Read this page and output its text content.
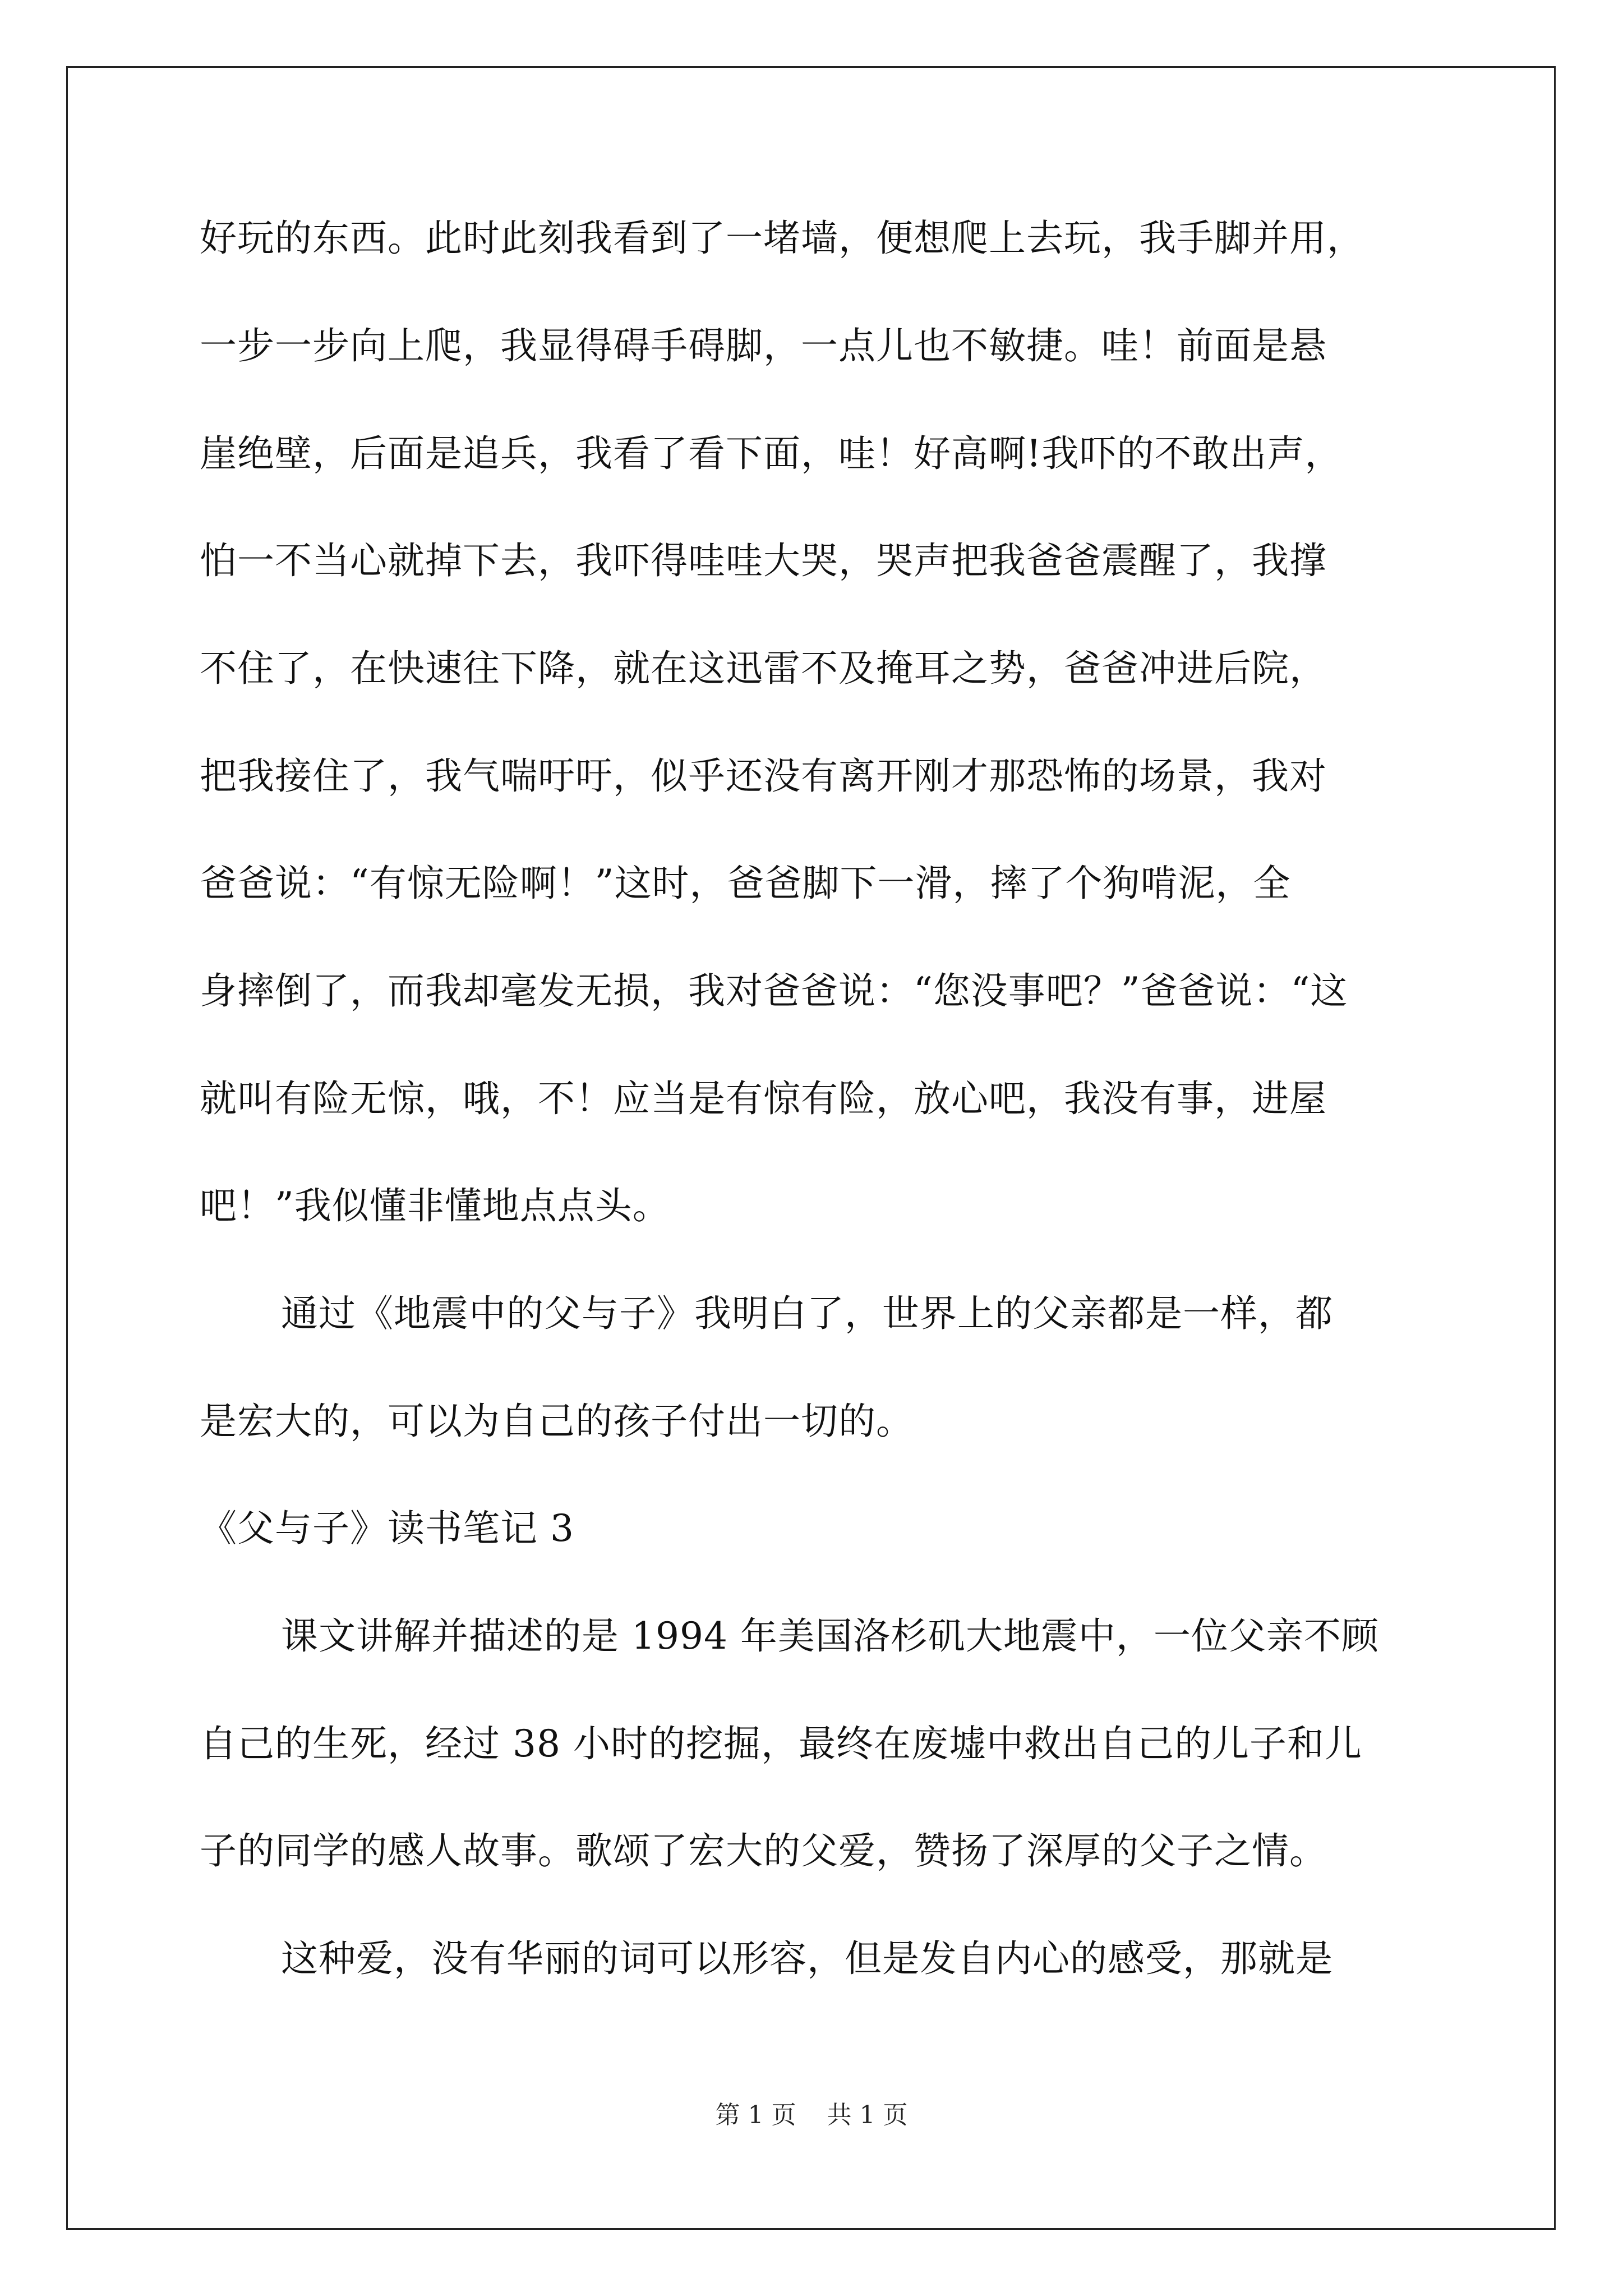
好玩的东西。此时此刻我看到了一堵墙，便想爬上去玩，我手脚并用，
一步一步向上爬，我显得碍手碍脚，一点儿也不敏捷。哇！前面是悬
崖绝壁，后面是追兵，我看了看下面，哇！好高啊!我吓的不敢出声，
怕一不当心就掉下去，我吓得哇哇大哭，哭声把我爸爸震醒了，我撑
不住了，在快速往下降，就在这迅雷不及掩耳之势，爸爸冲进后院，
把我接住了，我气喘吁吁，似乎还没有离开刚才那恐怖的场景，我对
爸爸说：“有惊无险啊！”这时，爸爸脚下一滑，摔了个狗啃泥，全
身摔倒了，而我却毫发无损，我对爸爸说：“您没事吧？”爸爸说：“这
就叫有险无惊，哦，不！应当是有惊有险，放心吧，我没有事，进屋
吧！”我似懂非懂地点点头。
通过《地震中的父与子》我明白了，世界上的父亲都是一样，都
是宏大的，可以为自己的孩子付出一切的。
《父与子》读书笔记 3
课文讲解并描述的是 1994 年美国洛杉矶大地震中，一位父亲不顾
自己的生死，经过 38 小时的挖掘，最终在废墟中救出自己的儿子和儿
子的同学的感人故事。歌颂了宏大的父爱，赞扬了深厚的父子之情。
这种爱，没有华丽的词可以形容，但是发自内心的感受，那就是
第 1 页 共 1 页
